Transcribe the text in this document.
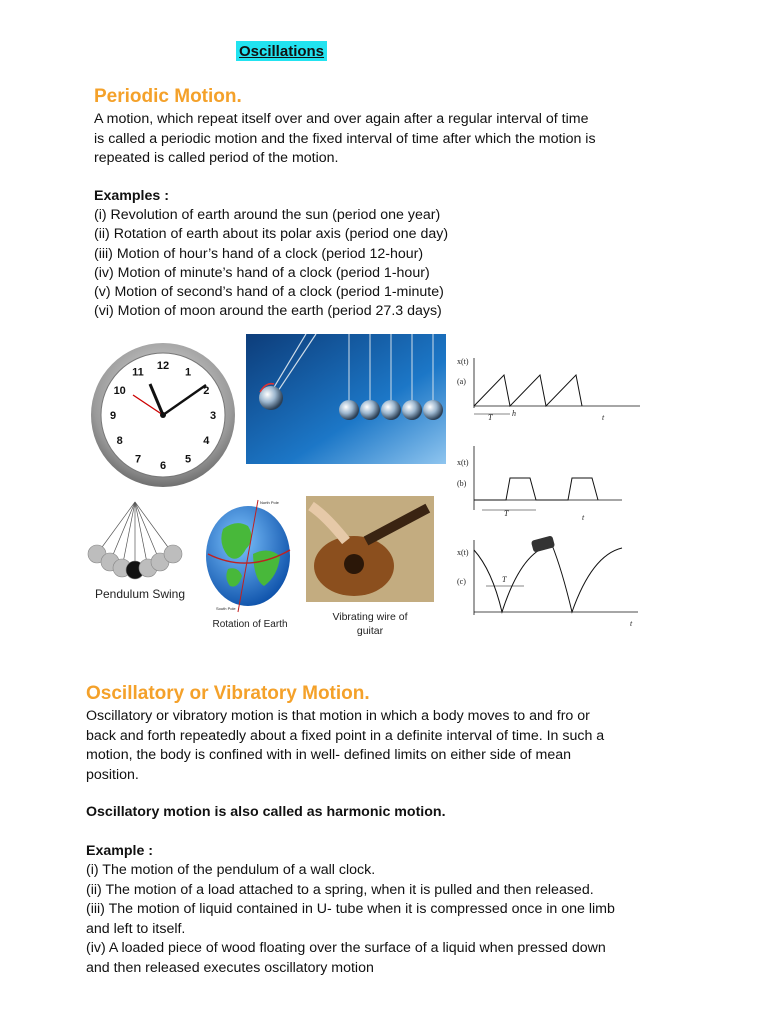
Oscillations
Periodic Motion.
A motion, which repeat itself over and over again after a regular interval of time
is called a periodic motion and the fixed interval of time after which the motion is
repeated is called period of the motion.
Examples :
(i) Revolution of earth around the sun (period one year)
(ii) Rotation of earth about its polar axis (period one day)
(iii) Motion of hour’s hand of a clock (period 12-hour)
(iv) Motion of minute’s hand of a clock (period 1-hour)
(v) Motion of second’s hand of a clock (period 1-minute)
(vi) Motion of moon around the earth (period 27.3 days)
12
1
2
3
4
5
6
7
8
9
10
11
x(t)
(a)
T h	t
x(t)
(b)
T	t
x(t)
(c)	T
t
Pendulum Swing
North Pole
South Pole
Rotation of Earth
Vibrating wire of
guitar
Oscillatory or Vibratory Motion.
Oscillatory or vibratory motion is that motion in which a body moves to and fro or
back and forth repeatedly about a fixed point in a definite interval of time. In such a
motion, the body is confined with in well- defined limits on either side of mean
position.
Oscillatory motion is also called as harmonic motion.
Example :
(i) The motion of the pendulum of a wall clock.
(ii) The motion of a load attached to a spring, when it is pulled and then released.
(iii) The motion of liquid contained in U- tube when it is compressed once in one limb
and left to itself.
(iv) A loaded piece of wood floating over the surface of a liquid when pressed down
and then released executes oscillatory motion
